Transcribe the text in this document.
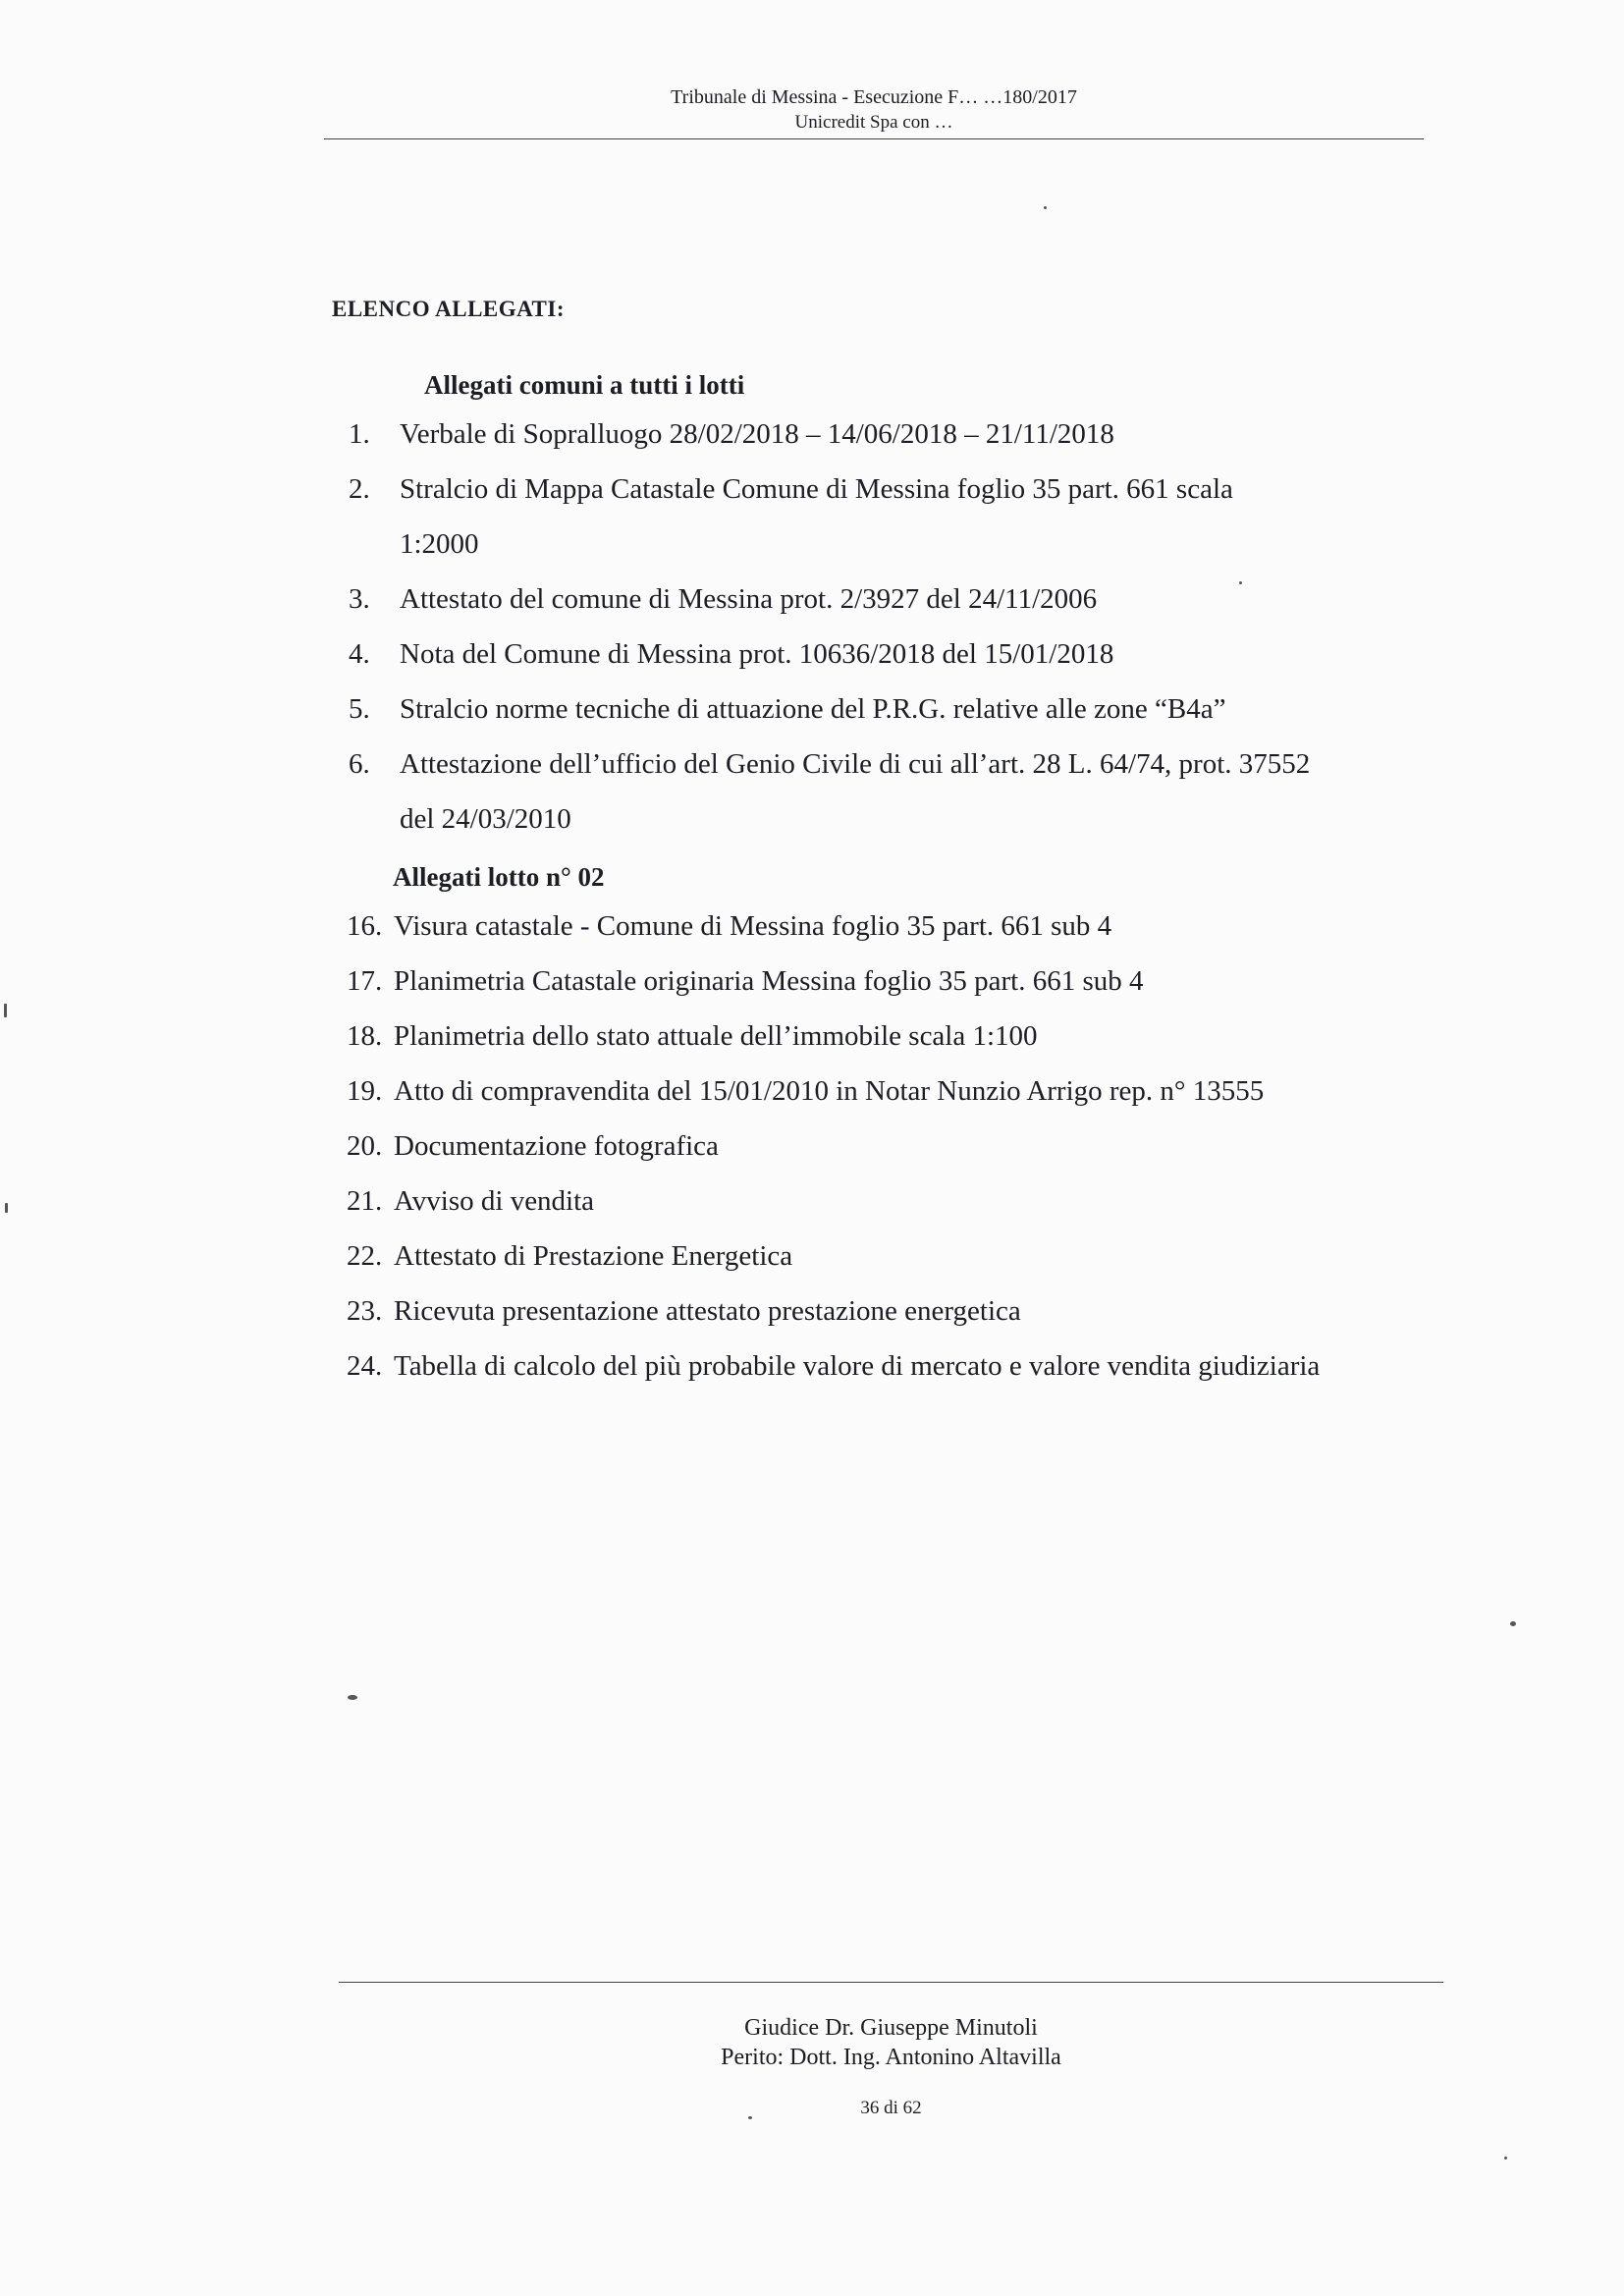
Tribunale di Messina - Esecuzione F… …180/2017
Unicredit Spa con …
ELENCO ALLEGATI:
Allegati comuni a tutti i lotti
1. Verbale di Sopralluogo 28/02/2018 – 14/06/2018 – 21/11/2018
2. Stralcio di Mappa Catastale Comune di Messina foglio 35 part. 661 scala
1:2000
3. Attestato del comune di Messina prot. 2/3927 del 24/11/2006
4. Nota del Comune di Messina prot. 10636/2018 del 15/01/2018
5. Stralcio norme tecniche di attuazione del P.R.G. relative alle zone “B4a”
6. Attestazione dell’ufficio del Genio Civile di cui all’art. 28 L. 64/74, prot. 37552
del 24/03/2010
Allegati lotto n° 02
16. Visura catastale - Comune di Messina foglio 35 part. 661 sub 4
17. Planimetria Catastale originaria Messina foglio 35 part. 661 sub 4
18. Planimetria dello stato attuale dell’immobile scala 1:100
19. Atto di compravendita del 15/01/2010 in Notar Nunzio Arrigo rep. n° 13555
20. Documentazione fotografica
21. Avviso di vendita
22. Attestato di Prestazione Energetica
23. Ricevuta presentazione attestato prestazione energetica
24. Tabella di calcolo del più probabile valore di mercato e valore vendita giudiziaria
Giudice Dr. Giuseppe Minutoli
Perito: Dott. Ing. Antonino Altavilla
36 di 62
